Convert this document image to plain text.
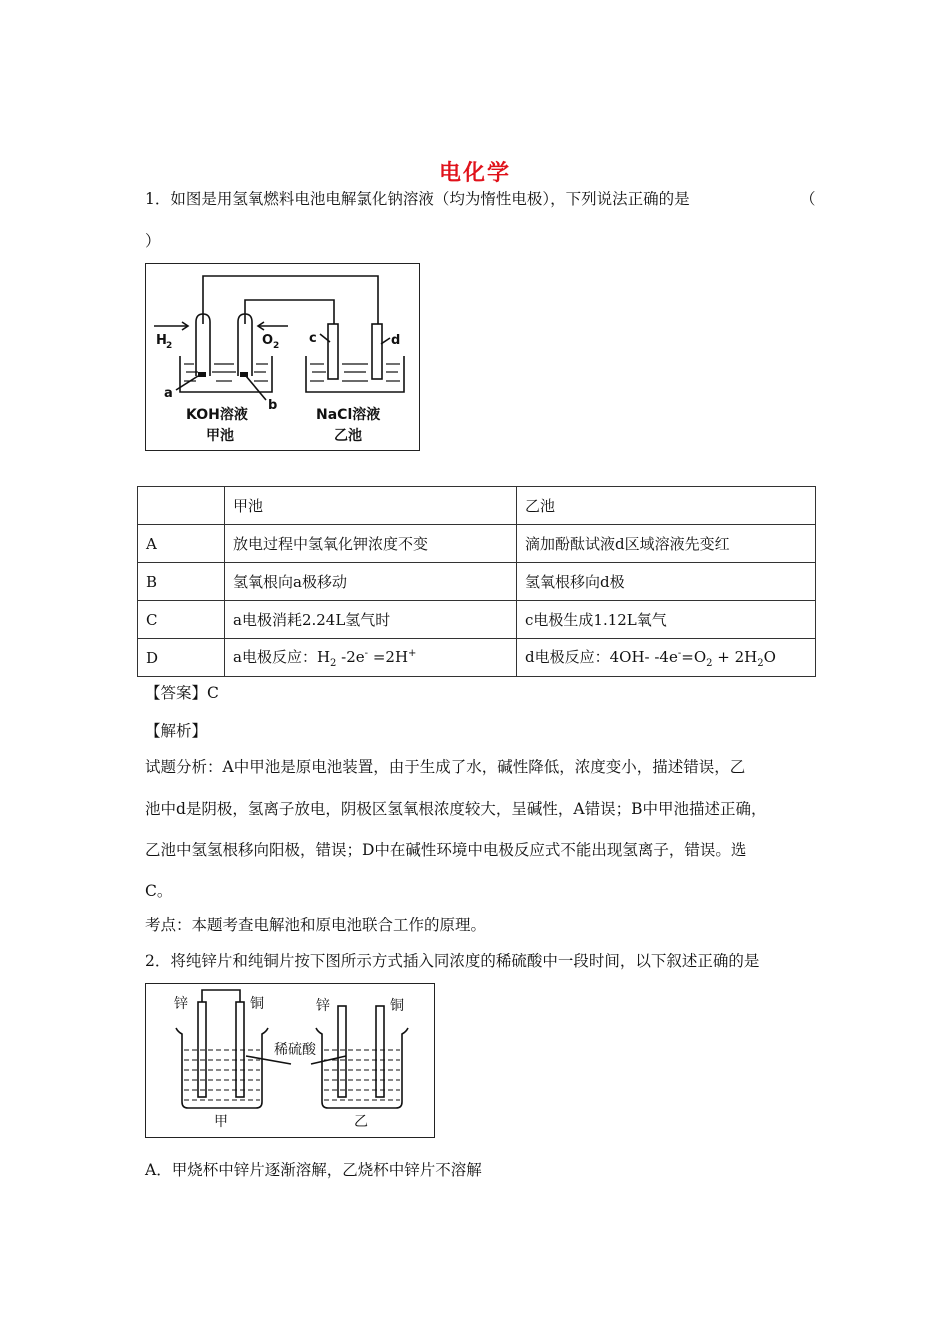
电化学
1．如图是用氢氧燃料电池电解氯化钠溶液（均为惰性电极），下列说法正确的是	（
）
H 2	O 2 c	d
a
b
KOH溶液
甲池
NaCl溶液
乙池
	甲池	乙池
A	放电过程中氢氧化钾浓度不变	滴加酚酞试液d区域溶液先变红
B	氢氧根向a极移动	氢氧根移向d极
C	a电极消耗2.24L氢气时	c电极生成1.12L氧气
D	a电极反应：$H_2$ -2e- =2H+	d电极反应：4OH- $-4e^-=O_2 + 2H_2O$
【答案】C
【解析】
试题分析：A中甲池是原电池装置，由于生成了水，碱性降低，浓度变小，描述错误，乙
池中d是阴极，氢离子放电，阴极区氢氧根浓度较大，呈碱性，A错误；B中甲池描述正确，
乙池中氢氢根移向阳极，错误；D中在碱性环境中电极反应式不能出现氢离子，错误。选
C。
考点：本题考查电解池和原电池联合工作的原理。
2．将纯锌片和纯铜片按下图所示方式插入同浓度的稀硫酸中一段时间，以下叙述正确的是
锌	铜	锌	铜
稀硫酸
甲	乙
A．甲烧杯中锌片逐渐溶解，乙烧杯中锌片不溶解
